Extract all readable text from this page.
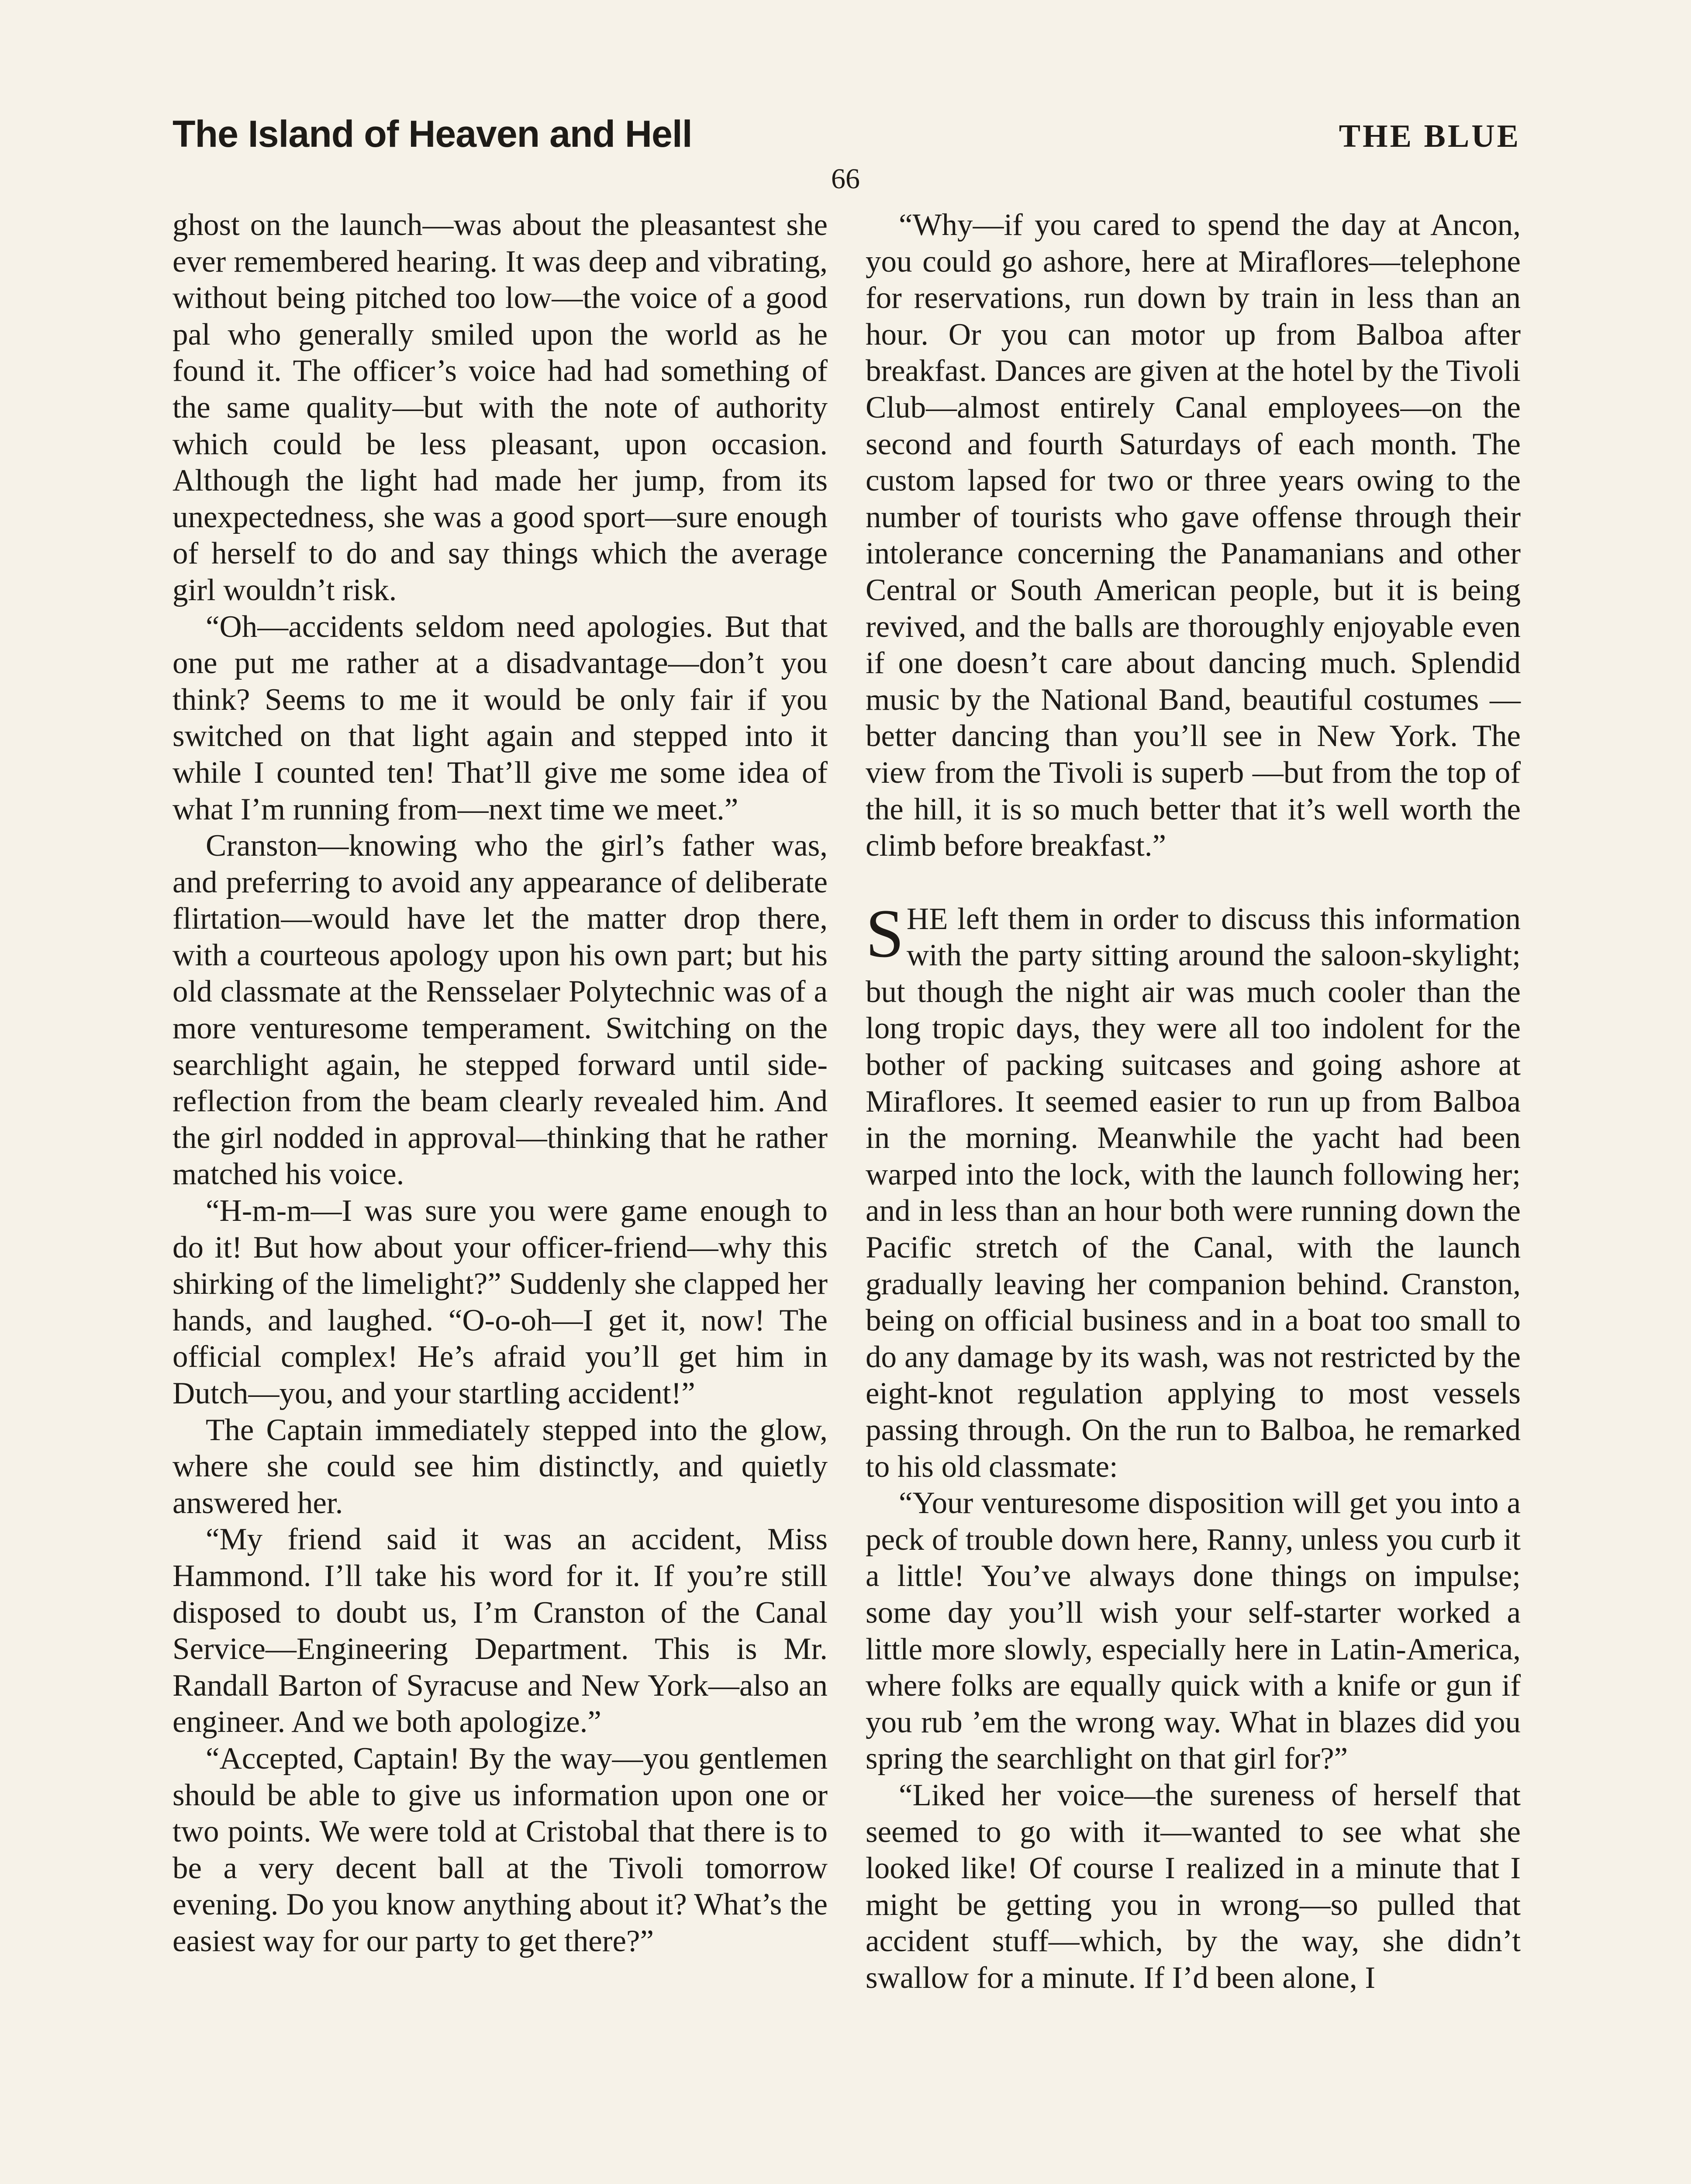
The Island of Heaven and Hell	THE BLUE
66

ghost on the launch—was about the pleasantest she ever remembered hearing. It was deep and vibrating, without being pitched too low—the voice of a good pal who generally smiled upon the world as he found it. The officer’s voice had had something of the same quality—but with the note of authority which could be less pleasant, upon occasion. Although the light had made her jump, from its unexpectedness, she was a good sport—sure enough of herself to do and say things which the average girl wouldn’t risk.

“Oh—accidents seldom need apologies. But that one put me rather at a disadvantage—don’t you think? Seems to me it would be only fair if you switched on that light again and stepped into it while I counted ten! That’ll give me some idea of what I’m running from—next time we meet.”

Cranston—knowing who the girl’s father was, and preferring to avoid any appearance of deliberate flirtation—would have let the matter drop there, with a courteous apology upon his own part; but his old classmate at the Rensselaer Polytechnic was of a more venturesome temperament. Switching on the searchlight again, he stepped forward until side-reflection from the beam clearly revealed him. And the girl nodded in approval—thinking that he rather matched his voice.

“H-m-m—I was sure you were game enough to do it! But how about your officer-friend—why this shirking of the limelight?” Suddenly she clapped her hands, and laughed. “O-o-oh—I get it, now! The official complex! He’s afraid you’ll get him in Dutch—you, and your startling accident!”

The Captain immediately stepped into the glow, where she could see him distinctly, and quietly answered her.

“My friend said it was an accident, Miss Hammond. I’ll take his word for it. If you’re still disposed to doubt us, I’m Cranston of the Canal Service—Engineering Department. This is Mr. Randall Barton of Syracuse and New York—also an engineer. And we both apologize.”

“Accepted, Captain! By the way—you gentlemen should be able to give us information upon one or two points. We were told at Cristobal that there is to be a very decent ball at the Tivoli tomorrow evening. Do you know anything about it? What’s the easiest way for our party to get there?”

“Why—if you cared to spend the day at Ancon, you could go ashore, here at Miraflores—telephone for reservations, run down by train in less than an hour. Or you can motor up from Balboa after breakfast. Dances are given at the hotel by the Tivoli Club—almost entirely Canal employees—on the second and fourth Saturdays of each month. The custom lapsed for two or three years owing to the number of tourists who gave offense through their intolerance concerning the Panamanians and other Central or South American people, but it is being revived, and the balls are thoroughly enjoyable even if one doesn’t care about dancing much. Splendid music by the National Band, beautiful costumes —better dancing than you’ll see in New York. The view from the Tivoli is superb —but from the top of the hill, it is so much better that it’s well worth the climb before breakfast.”

SHE left them in order to discuss this information with the party sitting around the saloon-skylight; but though the night air was much cooler than the long tropic days, they were all too indolent for the bother of packing suitcases and going ashore at Miraflores. It seemed easier to run up from Balboa in the morning. Meanwhile the yacht had been warped into the lock, with the launch following her; and in less than an hour both were running down the Pacific stretch of the Canal, with the launch gradually leaving her companion behind. Cranston, being on official business and in a boat too small to do any damage by its wash, was not restricted by the eight-knot regulation applying to most vessels passing through. On the run to Balboa, he remarked to his old classmate:

“Your venturesome disposition will get you into a peck of trouble down here, Ranny, unless you curb it a little! You’ve always done things on impulse; some day you’ll wish your self-starter worked a little more slowly, especially here in Latin-America, where folks are equally quick with a knife or gun if you rub ’em the wrong way. What in blazes did you spring the searchlight on that girl for?”

“Liked her voice—the sureness of herself that seemed to go with it—wanted to see what she looked like! Of course I realized in a minute that I might be getting you in wrong—so pulled that accident stuff—which, by the way, she didn’t swallow for a minute. If I’d been alone, I
